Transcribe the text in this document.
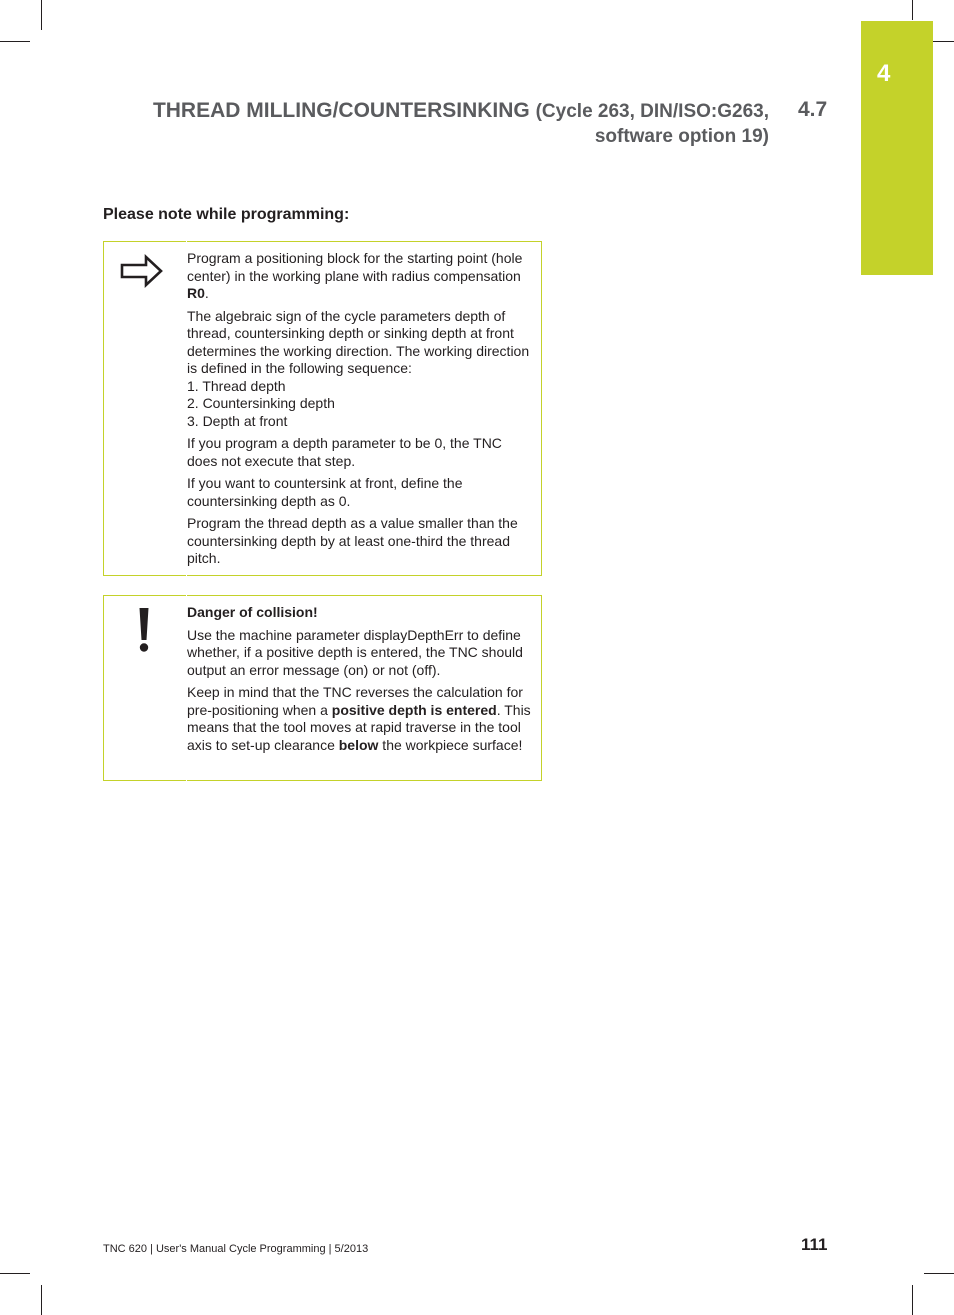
4
THREAD MILLING/COUNTERSINKING (Cycle 263, DIN/ISO:G263,
software option 19)
4.7
Please note while programming:

Program a positioning block for the starting point (hole center) in the working plane with radius compensation R0.

The algebraic sign of the cycle parameters depth of thread, countersinking depth or sinking depth at front determines the working direction. The working direction is defined in the following sequence:
1. Thread depth
2. Countersinking depth
3. Depth at front

If you program a depth parameter to be 0, the TNC does not execute that step.

If you want to countersink at front, define the countersinking depth as 0.

Program the thread depth as a value smaller than the countersinking depth by at least one-third the thread pitch.

Danger of collision!

Use the machine parameter displayDepthErr to define whether, if a positive depth is entered, the TNC should output an error message (on) or not (off).

Keep in mind that the TNC reverses the calculation for pre-positioning when a positive depth is entered. This means that the tool moves at rapid traverse in the tool axis to set-up clearance below the workpiece surface!

TNC 620 | User's Manual Cycle Programming | 5/2013	111
